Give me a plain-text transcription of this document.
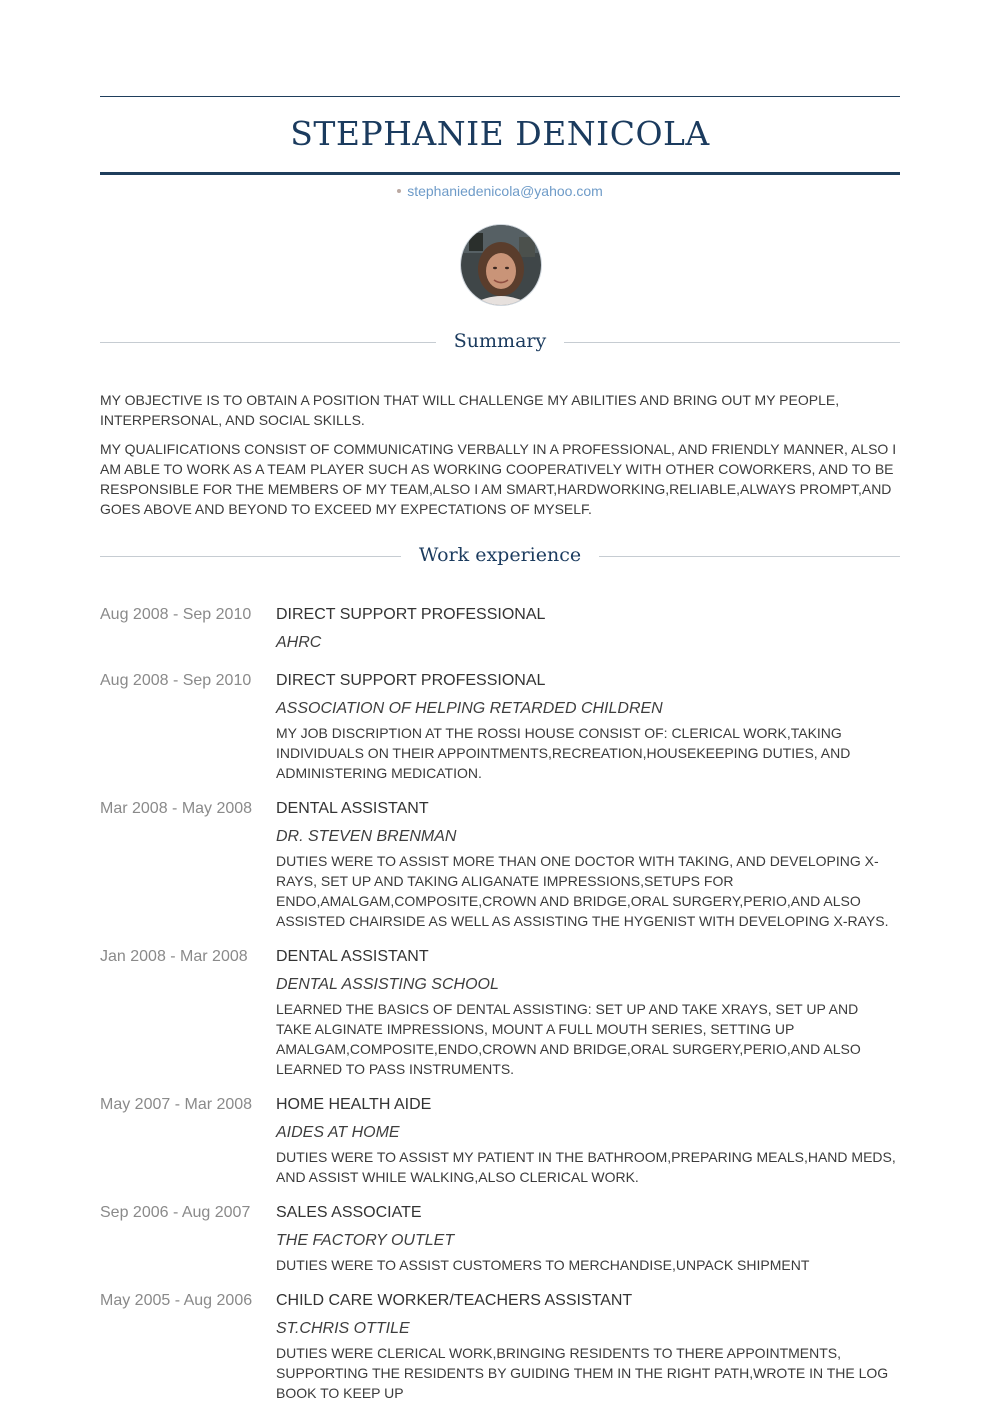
STEPHANIE DENICOLA
stephaniedenicola@yahoo.com
Summary

MY OBJECTIVE IS TO OBTAIN A POSITION THAT WILL CHALLENGE MY ABILITIES AND BRING OUT MY PEOPLE, INTERPERSONAL, AND SOCIAL SKILLS.

MY QUALIFICATIONS CONSIST OF COMMUNICATING VERBALLY IN A PROFESSIONAL, AND FRIENDLY MANNER, ALSO I AM ABLE TO WORK AS A TEAM PLAYER SUCH AS WORKING COOPERATIVELY WITH OTHER COWORKERS, AND TO BE RESPONSIBLE FOR THE MEMBERS OF MY TEAM,ALSO I AM SMART,HARDWORKING,RELIABLE,ALWAYS PROMPT,AND GOES ABOVE AND BEYOND TO EXCEED MY EXPECTATIONS OF MYSELF.

Work experience
Aug 2008 - Sep 2010	DIRECT SUPPORT PROFESSIONAL
AHRC
Aug 2008 - Sep 2010	DIRECT SUPPORT PROFESSIONAL
ASSOCIATION OF HELPING RETARDED CHILDREN
MY JOB DISCRIPTION AT THE ROSSI HOUSE CONSIST OF: CLERICAL WORK,TAKING INDIVIDUALS ON THEIR APPOINTMENTS,RECREATION,HOUSEKEEPING DUTIES, AND ADMINISTERING MEDICATION.
Mar 2008 - May 2008	DENTAL ASSISTANT
DR. STEVEN BRENMAN
DUTIES WERE TO ASSIST MORE THAN ONE DOCTOR WITH TAKING, AND DEVELOPING X-RAYS, SET UP AND TAKING ALIGANATE IMPRESSIONS,SETUPS FOR ENDO,AMALGAM,COMPOSITE,CROWN AND BRIDGE,ORAL SURGERY,PERIO,AND ALSO ASSISTED CHAIRSIDE AS WELL AS ASSISTING THE HYGENIST WITH DEVELOPING X-RAYS.
Jan 2008 - Mar 2008	DENTAL ASSISTANT
DENTAL ASSISTING SCHOOL
LEARNED THE BASICS OF DENTAL ASSISTING: SET UP AND TAKE XRAYS, SET UP AND TAKE ALGINATE IMPRESSIONS, MOUNT A FULL MOUTH SERIES, SETTING UP AMALGAM,COMPOSITE,ENDO,CROWN AND BRIDGE,ORAL SURGERY,PERIO,AND ALSO LEARNED TO PASS INSTRUMENTS.
May 2007 - Mar 2008	HOME HEALTH AIDE
AIDES AT HOME
DUTIES WERE TO ASSIST MY PATIENT IN THE BATHROOM,PREPARING MEALS,HAND MEDS, AND ASSIST WHILE WALKING,ALSO CLERICAL WORK.
Sep 2006 - Aug 2007	SALES ASSOCIATE
THE FACTORY OUTLET
DUTIES WERE TO ASSIST CUSTOMERS TO MERCHANDISE,UNPACK SHIPMENT
May 2005 - Aug 2006	CHILD CARE WORKER/TEACHERS ASSISTANT
ST.CHRIS OTTILE
DUTIES WERE CLERICAL WORK,BRINGING RESIDENTS TO THERE APPOINTMENTS, SUPPORTING THE RESIDENTS BY GUIDING THEM IN THE RIGHT PATH,WROTE IN THE LOG BOOK TO KEEP UP
